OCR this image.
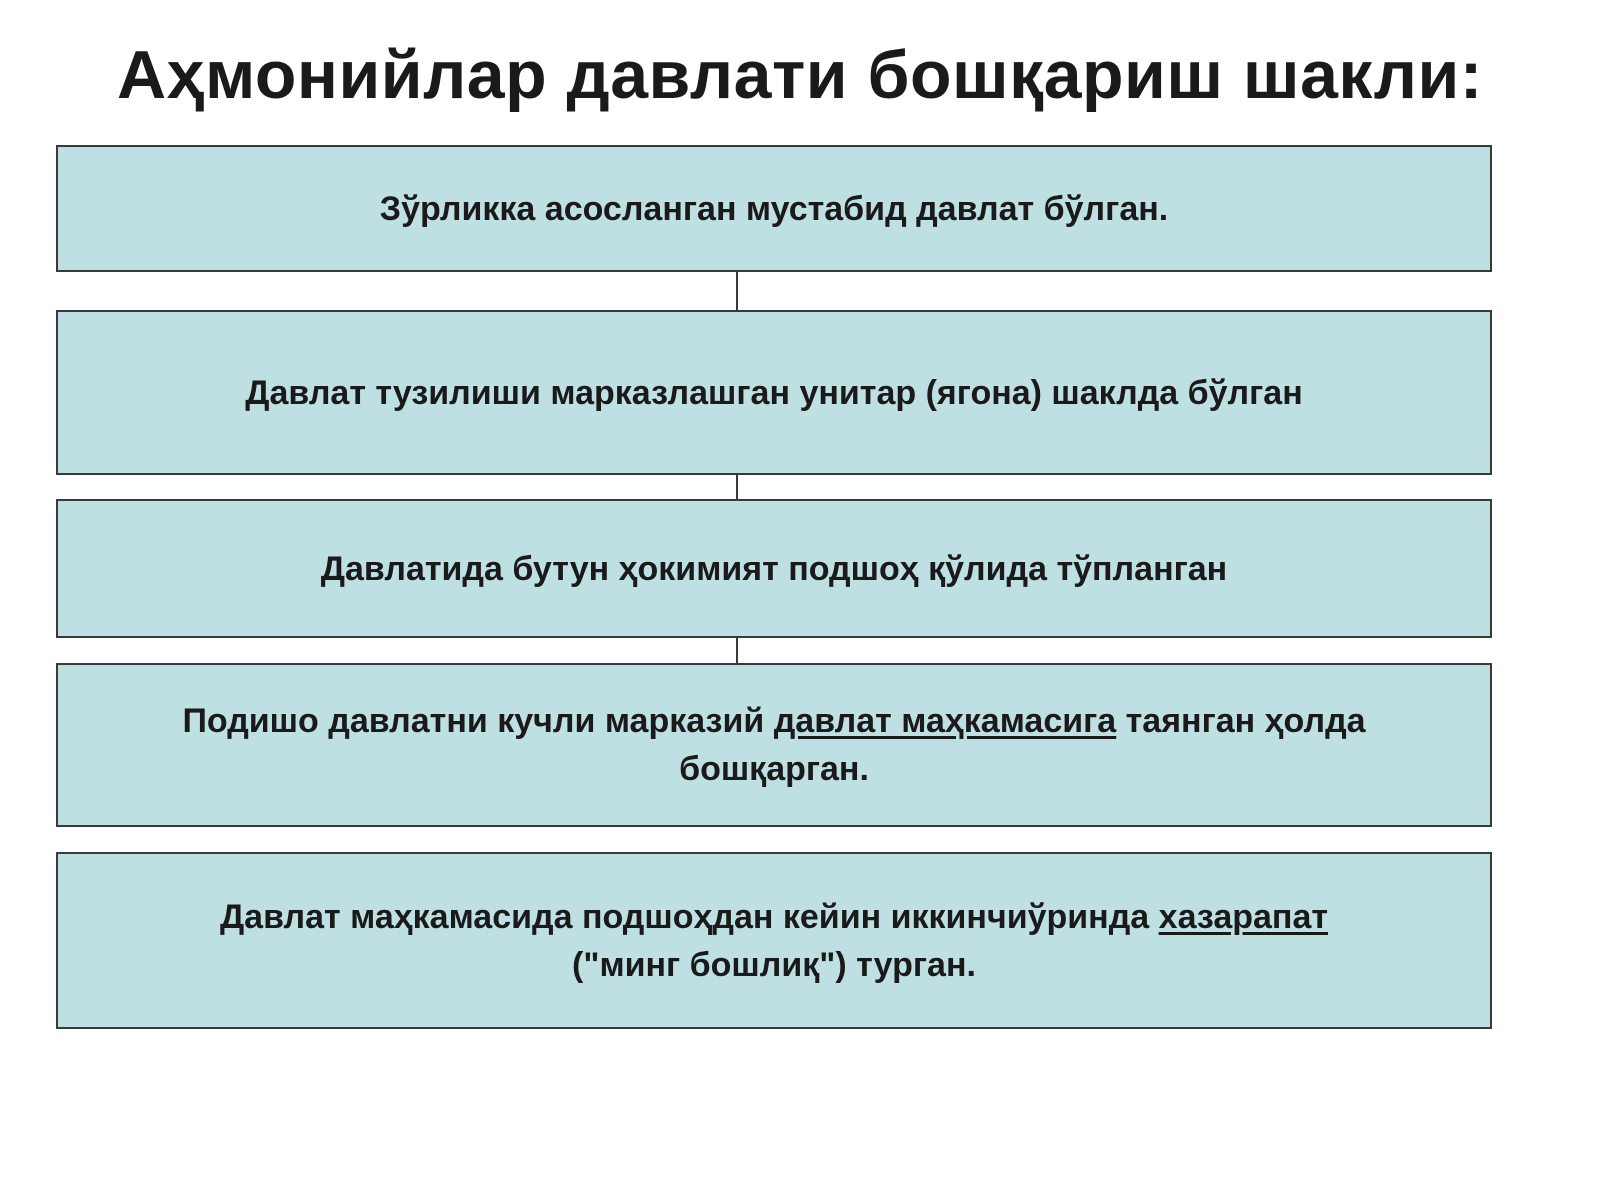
Аҳмонийлар давлати бошқариш шакли:
Зўрликка асосланган мустабид давлат бўлган.
Давлат тузилиши марказлашган унитар (ягона) шаклда бўлган
Давлатида бутун ҳокимият подшоҳ қўлида тўпланган
Подишо давлатни кучли марказий давлат маҳкамасига таянган ҳолда бошқарган.
Давлат маҳкамасида подшоҳдан кейин иккинчиўринда хазарапат
("минг бошлиқ") турган.
